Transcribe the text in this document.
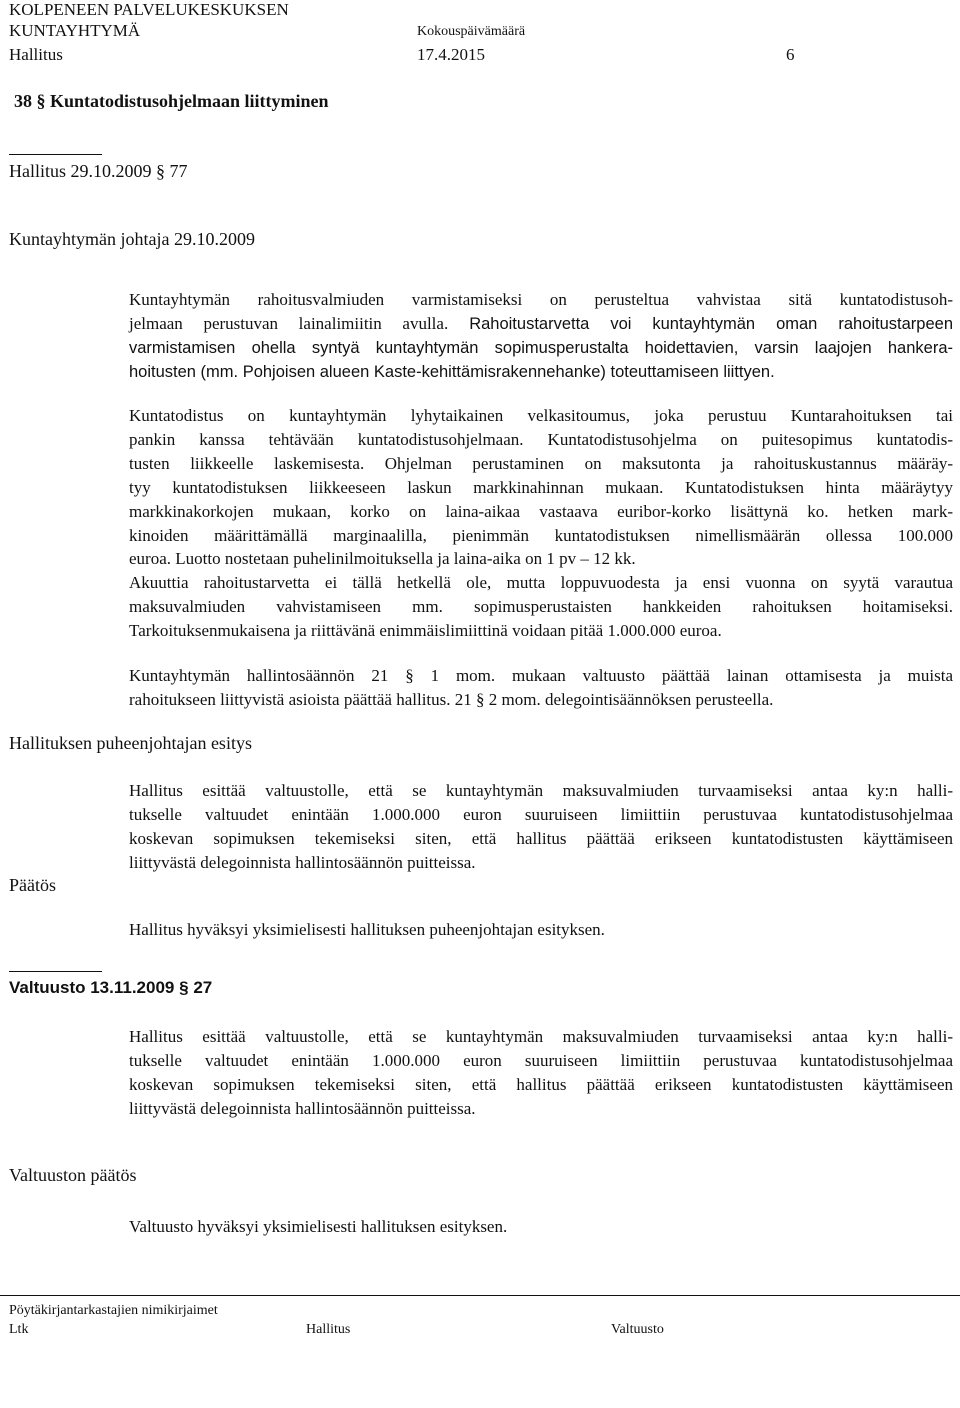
KOLPENEEN PALVELUKESKUKSEN
KUNTAYHTYMÄ	Kokouspäivämäärä
Hallitus	17.4.2015	6
38 § Kuntatodistusohjelmaan liittyminen
Hallitus 29.10.2009 § 77
Kuntayhtymän johtaja 29.10.2009

Kuntayhtymän rahoitusvalmiuden varmistamiseksi on perusteltua vahvistaa sitä kuntatodistusoh-

jelmaan perustuvan lainalimiitin avulla. Rahoitustarvetta voi kuntayhtymän oman rahoitustarpeen

varmistamisen ohella syntyä kuntayhtymän sopimusperustalta hoidettavien, varsin laajojen hankera-

hoitusten (mm. Pohjoisen alueen Kaste-kehittämisrakennehanke) toteuttamiseen liittyen.

Kuntatodistus on kuntayhtymän lyhytaikainen velkasitoumus, joka perustuu Kuntarahoituksen tai

pankin kanssa tehtävään kuntatodistusohjelmaan. Kuntatodistusohjelma on puitesopimus kuntatodis-

tusten liikkeelle laskemisesta. Ohjelman perustaminen on maksutonta ja rahoituskustannus määräy-

tyy kuntatodistuksen liikkeeseen laskun markkinahinnan mukaan. Kuntatodistuksen hinta määräytyy

markkinakorkojen mukaan, korko on laina-aikaa vastaava euribor-korko lisättynä ko. hetken mark-

kinoiden määrittämällä marginaalilla, pienimmän kuntatodistuksen nimellismäärän ollessa 100.000

euroa. Luotto nostetaan puhelinilmoituksella ja laina-aika on 1 pv – 12 kk.

Akuuttia rahoitustarvetta ei tällä hetkellä ole, mutta loppuvuodesta ja ensi vuonna on syytä varautua

maksuvalmiuden vahvistamiseen mm. sopimusperustaisten hankkeiden rahoituksen hoitamiseksi.

Tarkoituksenmukaisena ja riittävänä enimmäislimiittinä voidaan pitää 1.000.000 euroa.

Kuntayhtymän hallintosäännön 21 § 1 mom. mukaan valtuusto päättää lainan ottamisesta ja muista

rahoitukseen liittyvistä asioista päättää hallitus. 21 § 2 mom. delegointisäännöksen perusteella.

Hallituksen puheenjohtajan esitys

Hallitus esittää valtuustolle, että se kuntayhtymän maksuvalmiuden turvaamiseksi antaa ky:n halli-

tukselle valtuudet enintään 1.000.000 euron suuruiseen limiittiin perustuvaa kuntatodistusohjelmaa

koskevan sopimuksen tekemiseksi siten, että hallitus päättää erikseen kuntatodistusten käyttämiseen

liittyvästä delegoinnista hallintosäännön puitteissa.

Päätös
Hallitus hyväksyi yksimielisesti hallituksen puheenjohtajan esityksen.
Valtuusto 13.11.2009 § 27

Hallitus esittää valtuustolle, että se kuntayhtymän maksuvalmiuden turvaamiseksi antaa ky:n halli-

tukselle valtuudet enintään 1.000.000 euron suuruiseen limiittiin perustuvaa kuntatodistusohjelmaa

koskevan sopimuksen tekemiseksi siten, että hallitus päättää erikseen kuntatodistusten käyttämiseen

liittyvästä delegoinnista hallintosäännön puitteissa.

Valtuuston päätös
Valtuusto hyväksyi yksimielisesti hallituksen esityksen.
Pöytäkirjantarkastajien nimikirjaimet
Ltk	Hallitus	Valtuusto
